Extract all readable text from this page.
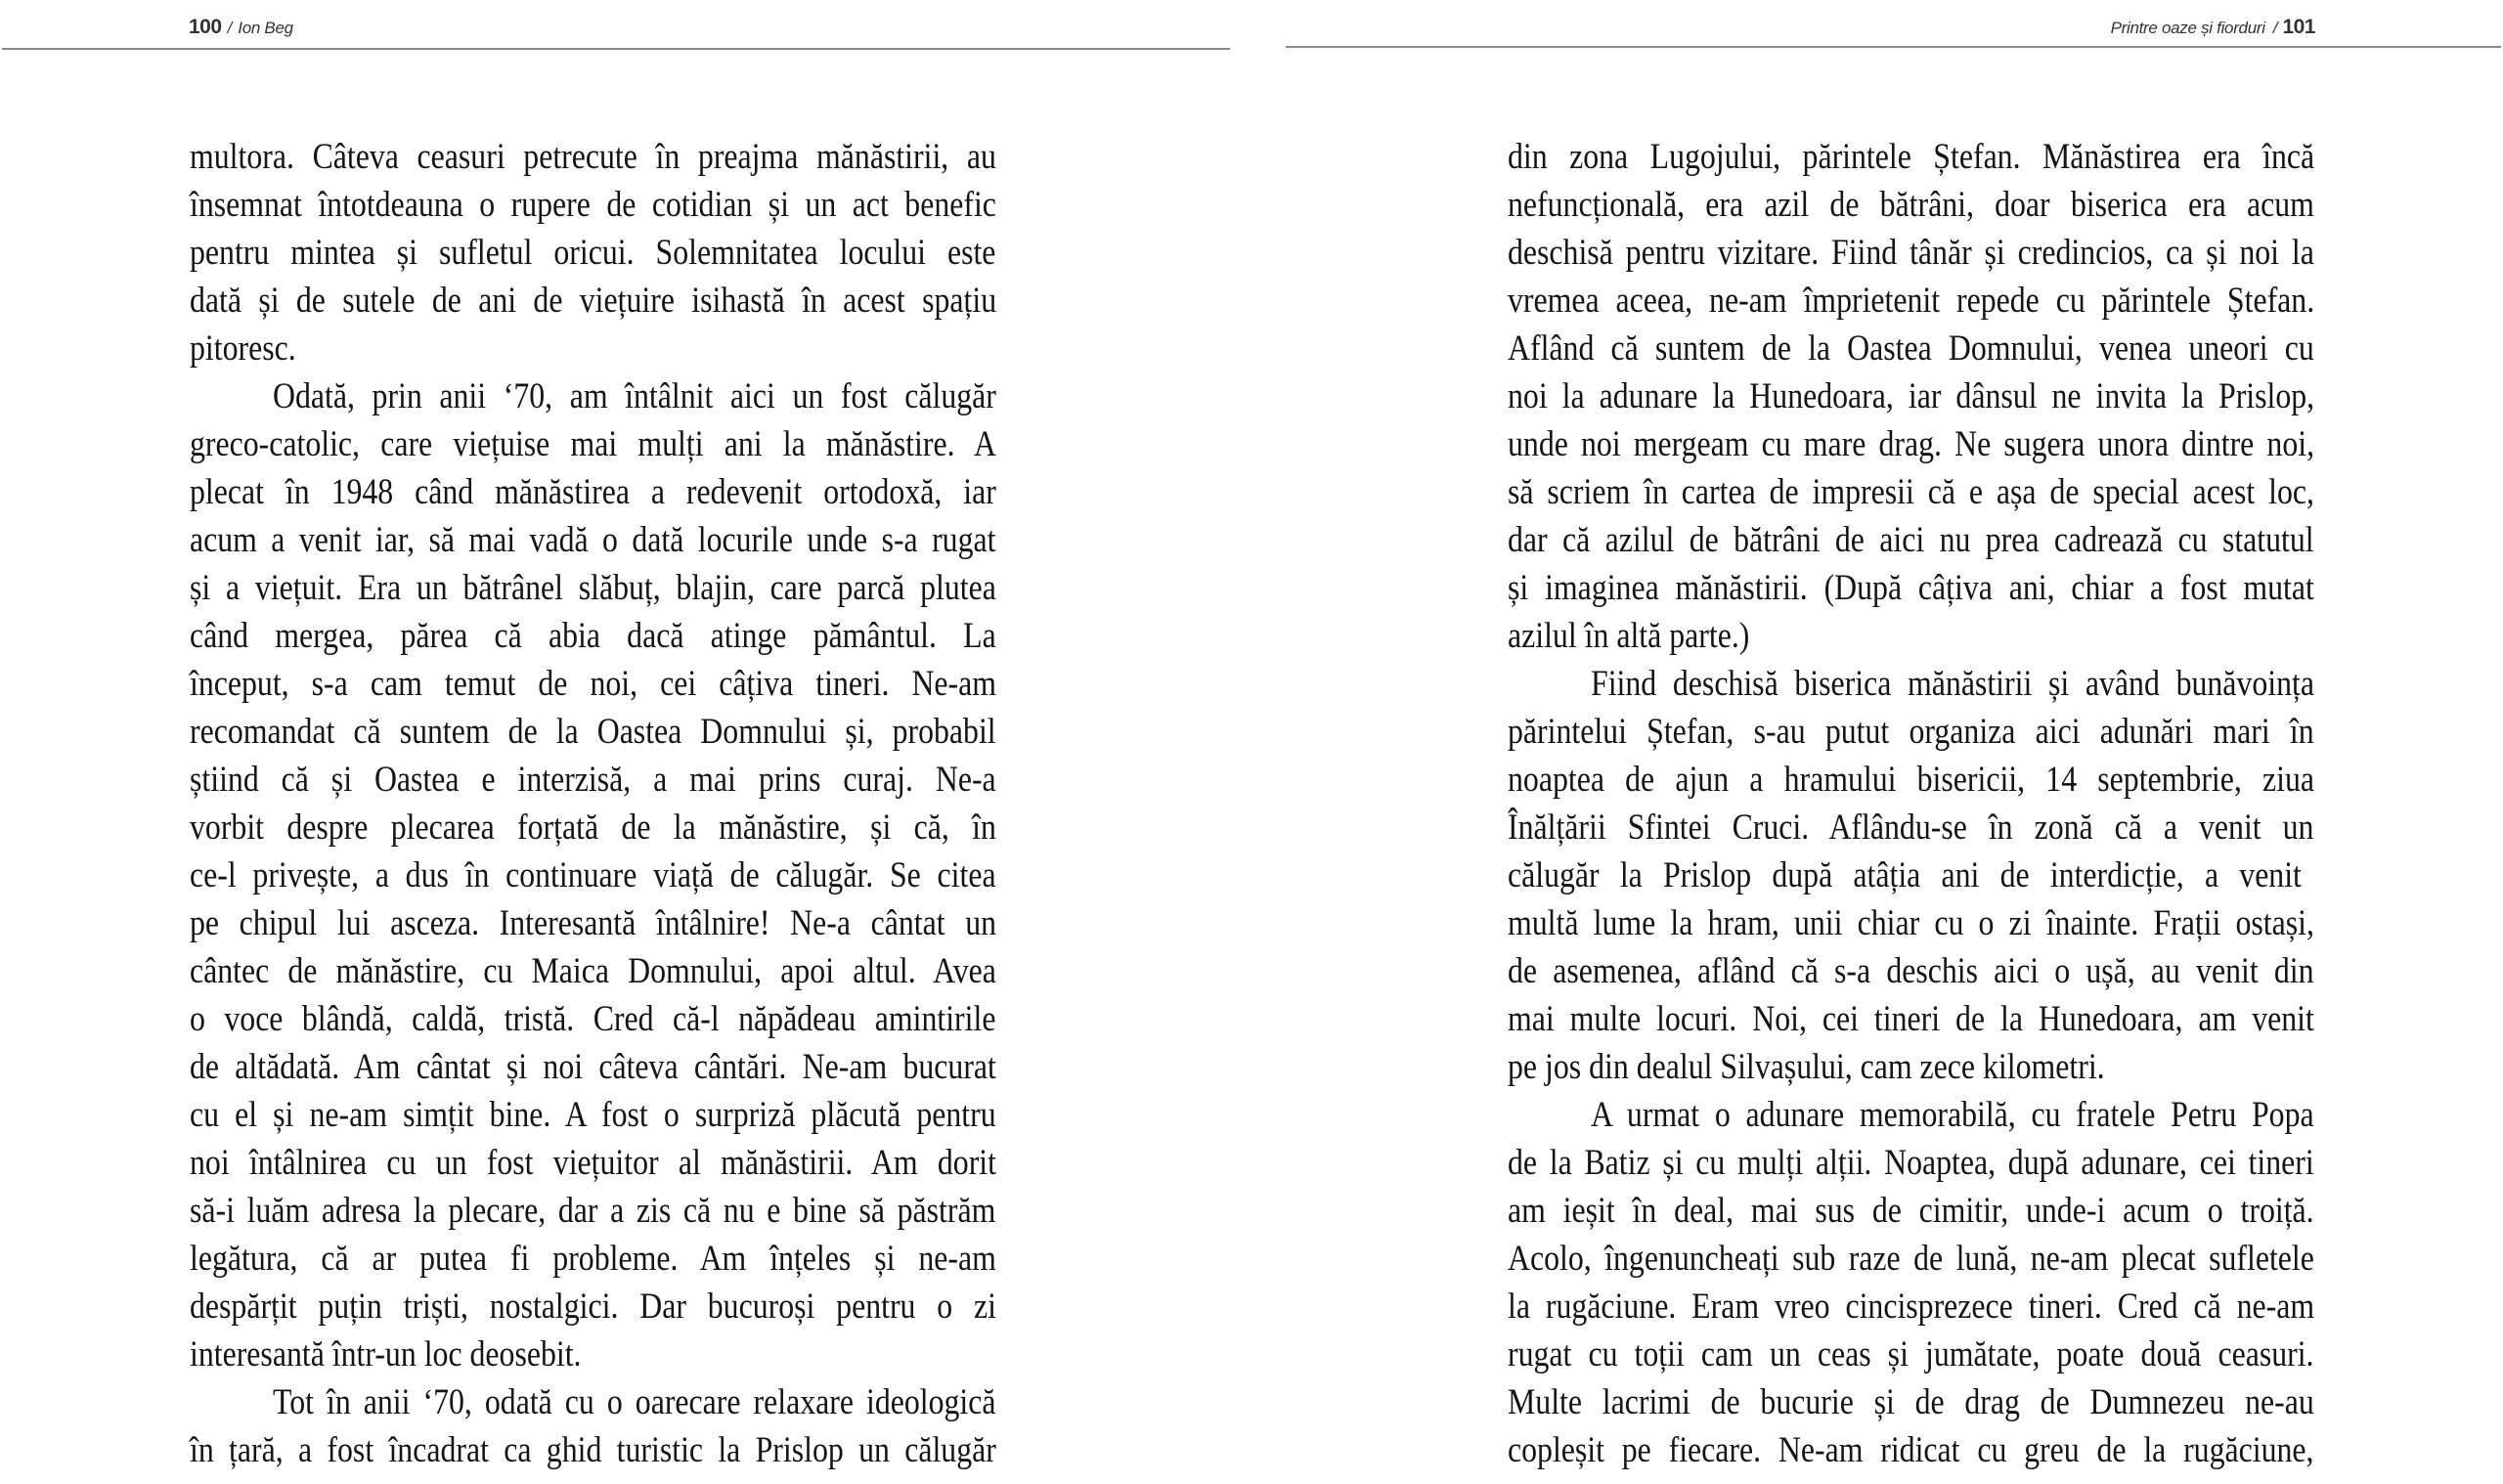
100 / Ion Beg
multora. Câteva ceasuri petrecute în preajma mănăstirii, au
însemnat întotdeauna o rupere de cotidian și un act benefic
pentru mintea și sufletul oricui. Solemnitatea locului este
dată și de sutele de ani de viețuire isihastă în acest spațiu
pitoresc.
Odată, prin anii ‘70, am întâlnit aici un fost călugăr
greco-catolic, care viețuise mai mulți ani la mănăstire. A
plecat în 1948 când mănăstirea a redevenit ortodoxă, iar
acum a venit iar, să mai vadă o dată locurile unde s-a rugat
și a viețuit. Era un bătrânel slăbuț, blajin, care parcă plutea
când mergea, părea că abia dacă atinge pământul. La
început, s-a cam temut de noi, cei câțiva tineri. Ne-am
recomandat că suntem de la Oastea Domnului și, probabil
știind că și Oastea e interzisă, a mai prins curaj. Ne-a
vorbit despre plecarea forțată de la mănăstire, și că, în
ce-l privește, a dus în continuare viață de călugăr. Se citea
pe chipul lui asceza. Interesantă întâlnire! Ne-a cântat un
cântec de mănăstire, cu Maica Domnului, apoi altul. Avea
o voce blândă, caldă, tristă. Cred că-l năpădeau amintirile
de altădată. Am cântat și noi câteva cântări. Ne-am bucurat
cu el și ne-am simțit bine. A fost o surpriză plăcută pentru
noi întâlnirea cu un fost viețuitor al mănăstirii. Am dorit
să-i luăm adresa la plecare, dar a zis că nu e bine să păstrăm
legătura, că ar putea fi probleme. Am înțeles și ne-am
despărțit puțin triști, nostalgici. Dar bucuroși pentru o zi
interesantă într-un loc deosebit.
Tot în anii ‘70, odată cu o oarecare relaxare ideologică
în țară, a fost încadrat ca ghid turistic la Prislop un călugăr
Printre oaze și fiorduri / 101
din zona Lugojului, părintele Ștefan. Mănăstirea era încă
nefuncțională, era azil de bătrâni, doar biserica era acum
deschisă pentru vizitare. Fiind tânăr și credincios, ca și noi la
vremea aceea, ne-am împrietenit repede cu părintele Ștefan.
Aflând că suntem de la Oastea Domnului, venea uneori cu
noi la adunare la Hunedoara, iar dânsul ne invita la Prislop,
unde noi mergeam cu mare drag. Ne sugera unora dintre noi,
să scriem în cartea de impresii că e așa de special acest loc,
dar că azilul de bătrâni de aici nu prea cadrează cu statutul
și imaginea mănăstirii. (După câțiva ani, chiar a fost mutat
azilul în altă parte.)
Fiind deschisă biserica mănăstirii și având bunăvoința
părintelui Ștefan, s-au putut organiza aici adunări mari în
noaptea de ajun a hramului bisericii, 14 septembrie, ziua
Înălțării Sfintei Cruci. Aflându-se în zonă că a venit un
călugăr la Prislop după atâția ani de interdicție, a venit
multă lume la hram, unii chiar cu o zi înainte. Frații ostași,
de asemenea, aflând că s-a deschis aici o ușă, au venit din
mai multe locuri. Noi, cei tineri de la Hunedoara, am venit
pe jos din dealul Silvașului, cam zece kilometri.
A urmat o adunare memorabilă, cu fratele Petru Popa
de la Batiz și cu mulți alții. Noaptea, după adunare, cei tineri
am ieșit în deal, mai sus de cimitir, unde-i acum o troiță.
Acolo, îngenuncheați sub raze de lună, ne-am plecat sufletele
la rugăciune. Eram vreo cincisprezece tineri. Cred că ne-am
rugat cu toții cam un ceas și jumătate, poate două ceasuri.
Multe lacrimi de bucurie și de drag de Dumnezeu ne-au
copleșit pe fiecare. Ne-am ridicat cu greu de la rugăciune,
